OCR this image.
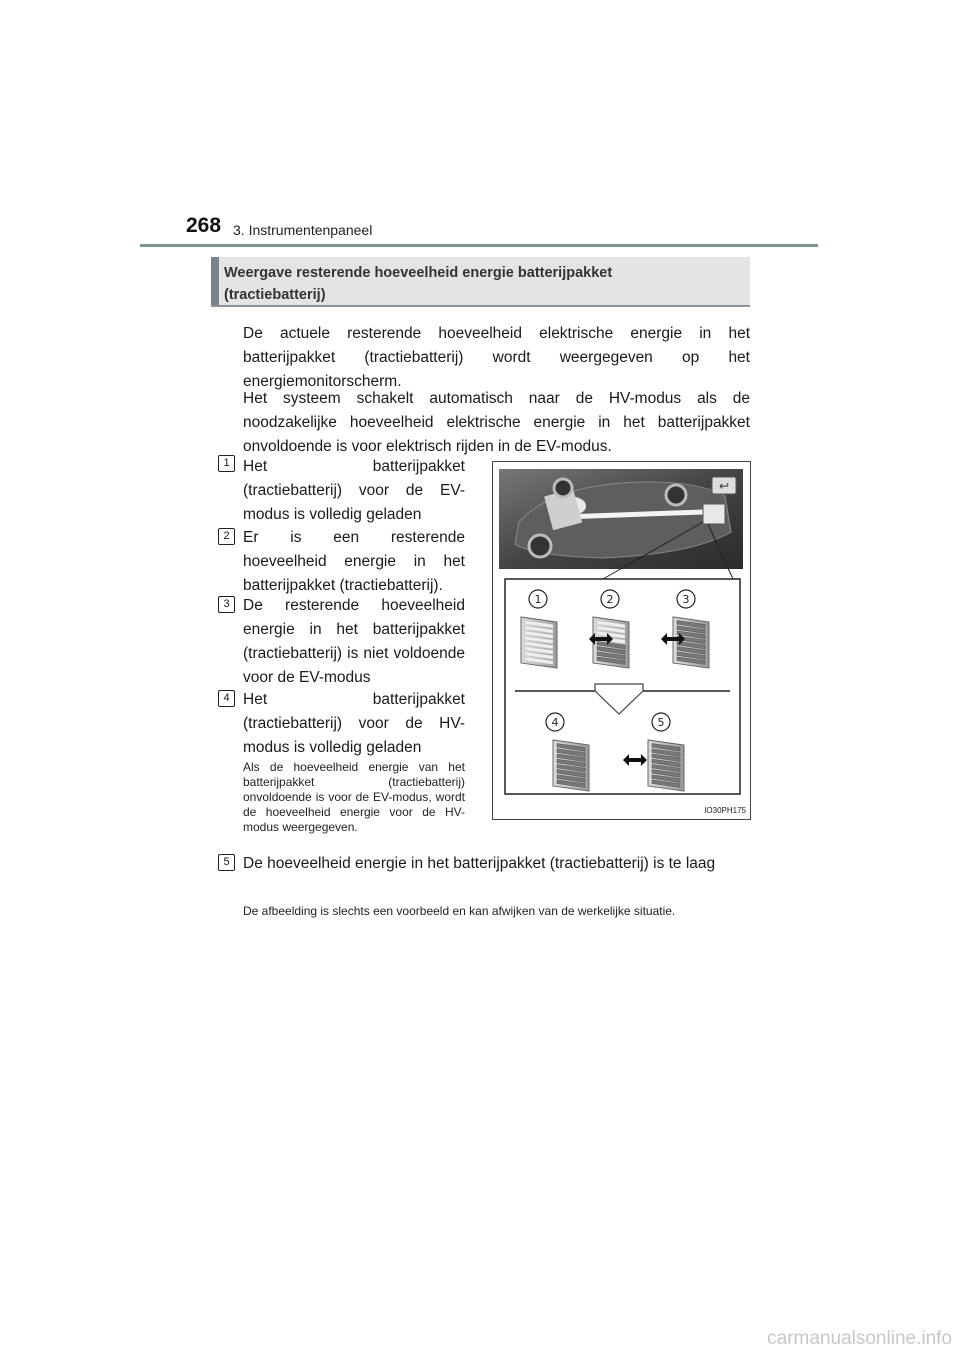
268 3. Instrumentenpaneel
Weergave resterende hoeveelheid energie batterijpakket
(tractiebatterij)
De actuele resterende hoeveelheid elektrische energie in het batterijpakket (tractiebatterij) wordt weergegeven op het energiemonitorscherm.
Het systeem schakelt automatisch naar de HV-modus als de noodzakelijke hoeveelheid elektrische energie in het batterijpakket onvoldoende is voor elektrisch rijden in de EV-modus.
1 Het batterijpakket (tractiebatterij) voor de EV-modus is volledig geladen
2 Er is een resterende hoeveelheid energie in het batterijpakket (tractiebatterij).
3 De resterende hoeveelheid energie in het batterijpakket (tractiebatterij) is niet voldoende voor de EV-modus
4 Het batterijpakket (tractiebatterij) voor de HV-modus is volledig geladen
Als de hoeveelheid energie van het batterijpakket (tractiebatterij) onvoldoende is voor de EV-modus, wordt de hoeveelheid energie voor de HV-modus weergegeven.
5 De hoeveelheid energie in het batterijpakket (tractiebatterij) is te laag
De afbeelding is slechts een voorbeeld en kan afwijken van de werkelijke situatie.
↩
1	2	3
4	5
IO30PH175
carmanualsonline.info
